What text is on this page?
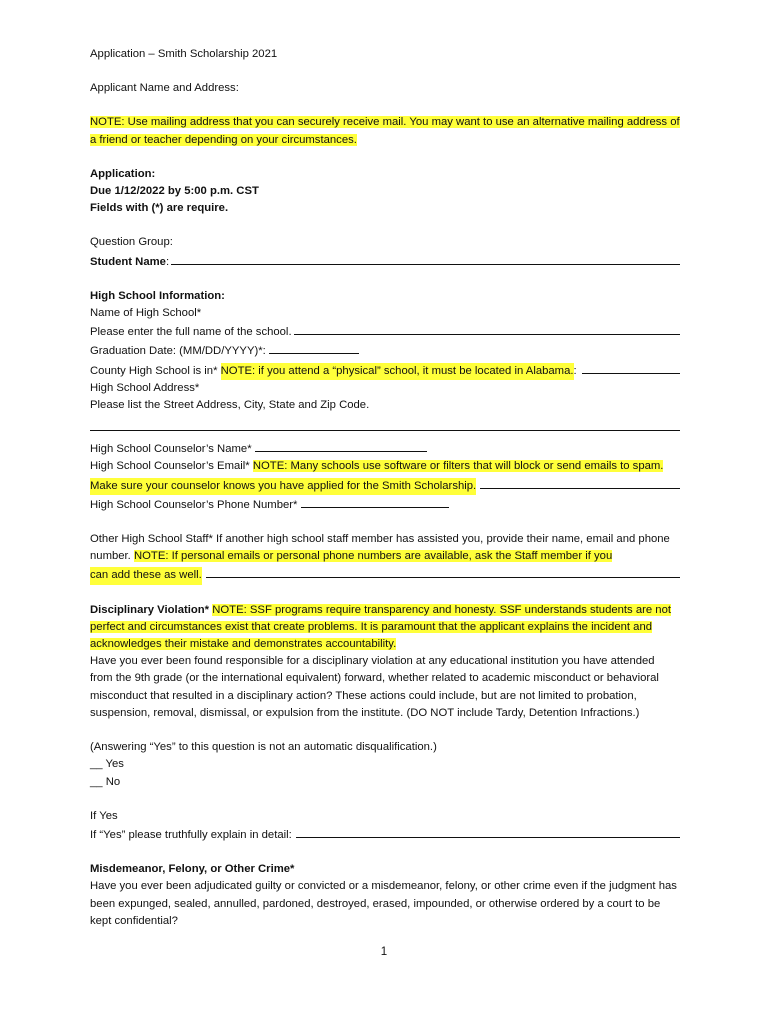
Application – Smith Scholarship 2021

Applicant Name and Address:

NOTE: Use mailing address that you can securely receive mail. You may want to use an alternative mailing address of a friend or teacher depending on your circumstances.

Application:

Due 1/12/2022 by 5:00 p.m. CST

Fields with (*) are require.

Question Group:

Student Name :

High School Information:

Name of High School*

Please enter the full name of the school.
Graduation Date: (MM/DD/YYYY)*:
County High School is in*
NOTE: if you attend a “physical” school, it must be located in Alabama. :

High School Address*

Please list the Street Address, City, State and Zip Code.

High School Counselor’s Name*

High School Counselor’s Email* NOTE: Many schools use software or filters that will block or send emails to spam.

Make sure your counselor knows you have applied for the Smith Scholarship.
High School Counselor’s Phone Number*

Other High School Staff* If another high school staff member has assisted you, provide their name, email and phone number. NOTE: If personal emails or personal phone numbers are available, ask the Staff member if you

can add these as well.

Disciplinary Violation* NOTE: SSF programs require transparency and honesty. SSF understands students are not

perfect and circumstances exist that create problems. It is paramount that the applicant explains the incident and

acknowledges their mistake and demonstrates accountability.

Have you ever been found responsible for a disciplinary violation at any educational institution you have attended from the 9th grade (or the international equivalent) forward, whether related to academic misconduct or behavioral misconduct that resulted in a disciplinary action? These actions could include, but are not limited to probation, suspension, removal, dismissal, or expulsion from the institute. (DO NOT include Tardy, Detention Infractions.)

(Answering “Yes” to this question is not an automatic disqualification.)

__ Yes

__ No

If Yes

If “Yes” please truthfully explain in detail:

Misdemeanor, Felony, or Other Crime*

Have you ever been adjudicated guilty or convicted or a misdemeanor, felony, or other crime even if the judgment has been expunged, sealed, annulled, pardoned, destroyed, erased, impounded, or otherwise ordered by a court to be kept confidential?

1
